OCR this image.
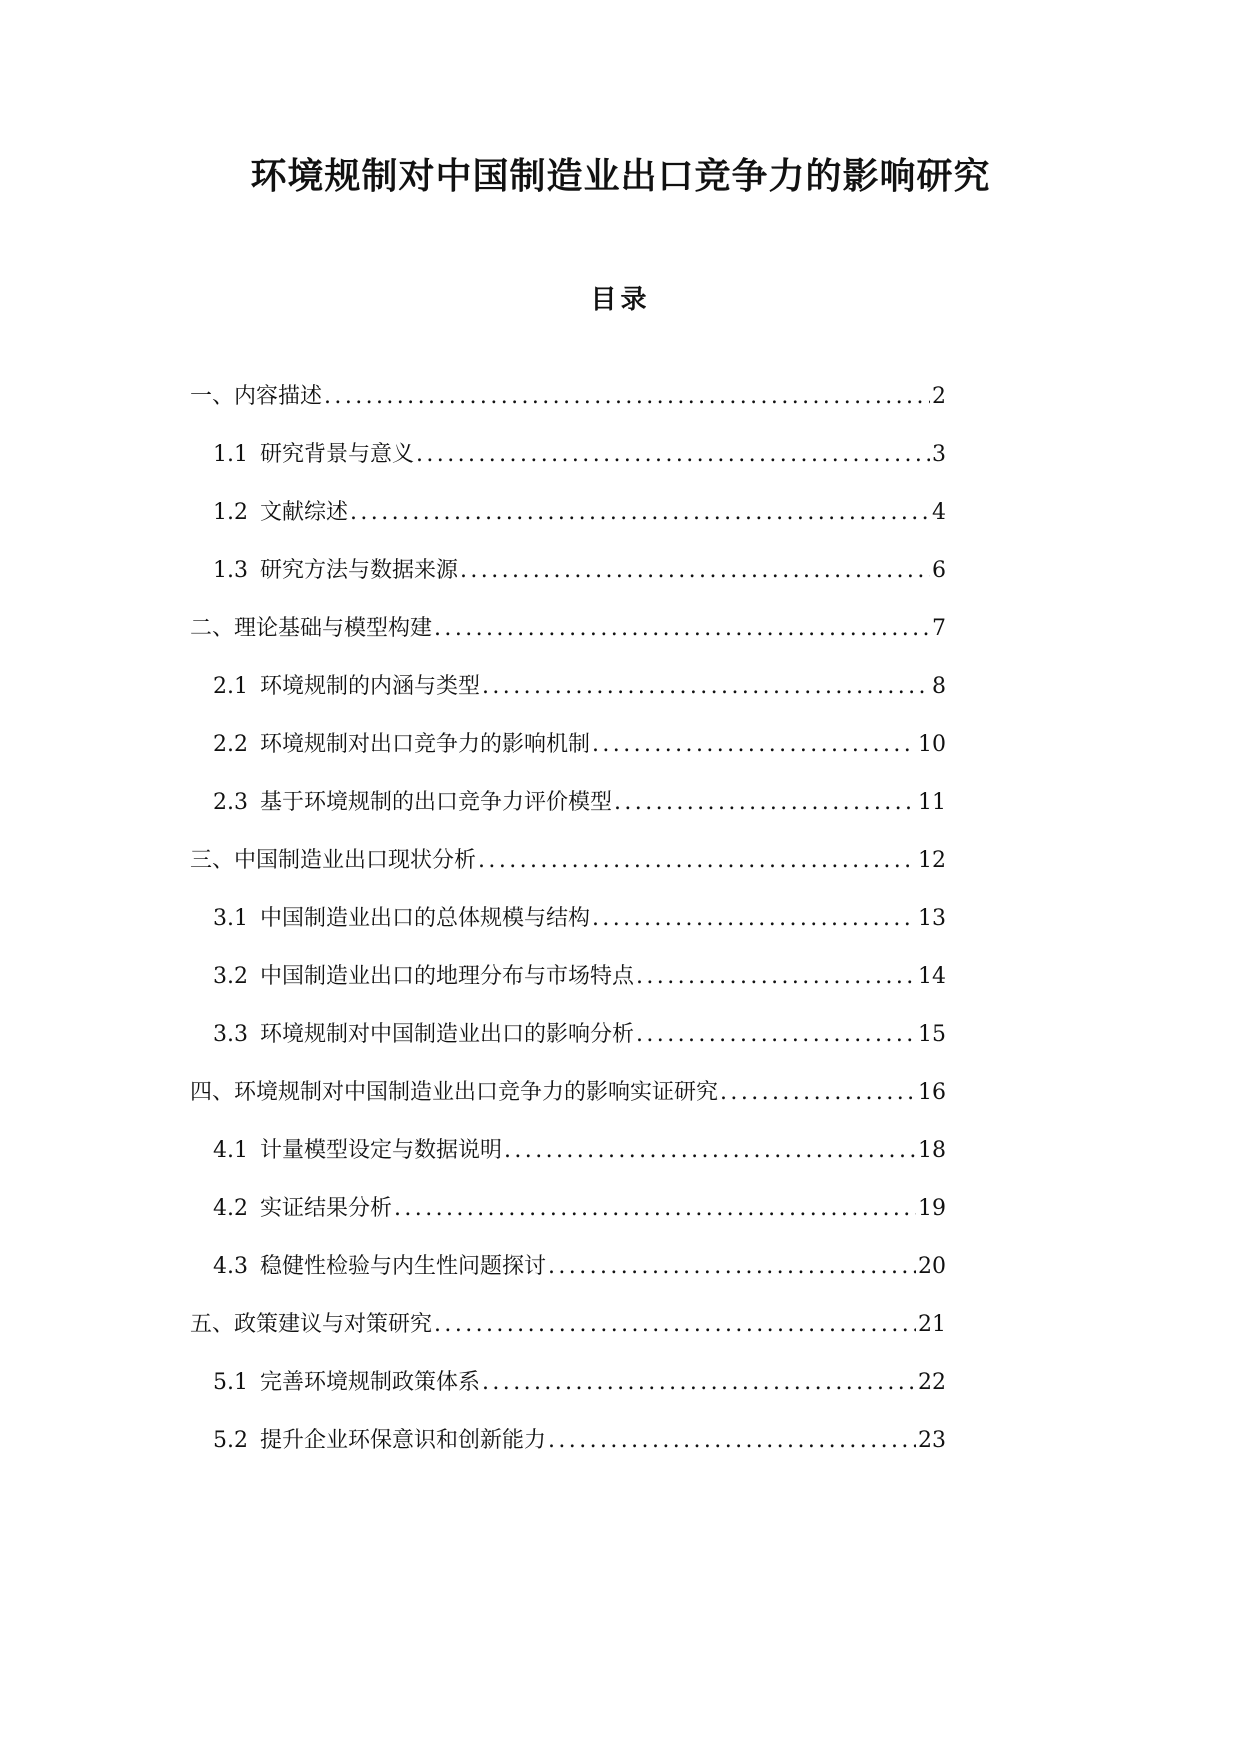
环境规制对中国制造业出口竞争力的影响研究
目录
一、内容描述 .....	2
1.1 研究背景与意义 .....	3
1.2 文献综述 .....	4
1.3 研究方法与数据来源 .....	6
二、理论基础与模型构建 .....	7
2.1 环境规制的内涵与类型 .....	8
2.2 环境规制对出口竞争力的影响机制 .....	10
2.3 基于环境规制的出口竞争力评价模型 .....	11
三、中国制造业出口现状分析 .....	12
3.1 中国制造业出口的总体规模与结构 .....	13
3.2 中国制造业出口的地理分布与市场特点 .....	14
3.3 环境规制对中国制造业出口的影响分析 .....	15
四、环境规制对中国制造业出口竞争力的影响实证研究 .....	16
4.1 计量模型设定与数据说明 .....	18
4.2 实证结果分析 .....	19
4.3 稳健性检验与内生性问题探讨 .....	20
五、政策建议与对策研究 .....	21
5.1 完善环境规制政策体系 .....	22
5.2 提升企业环保意识和创新能力 .....	23
